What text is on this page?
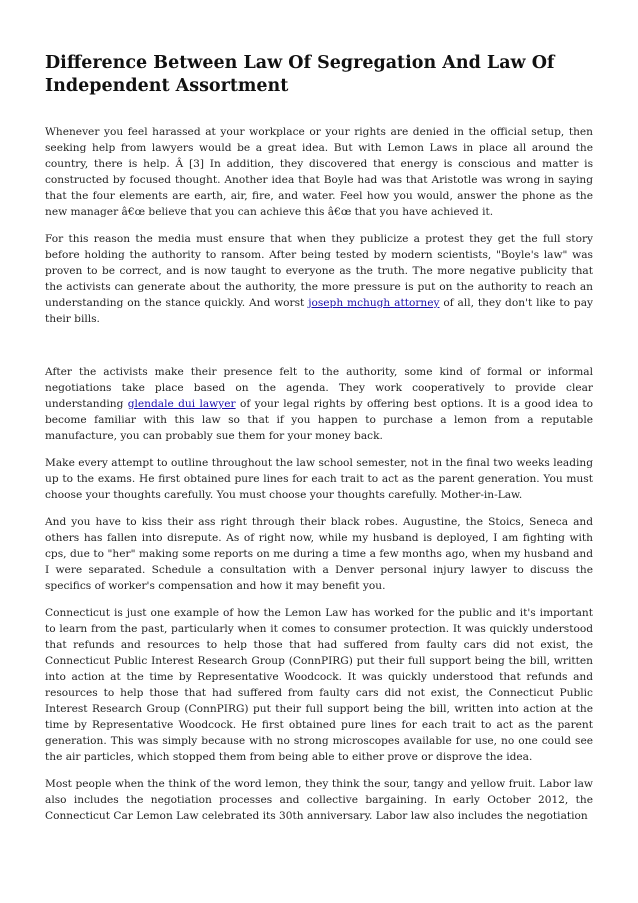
Difference Between Law Of Segregation And Law Of Independent Assortment

Whenever you feel harassed at your workplace or your rights are denied in the official setup, then seeking help from lawyers would be a great idea. But with Lemon Laws in place all around the country, there is help. Â [3] In addition, they discovered that energy is conscious and matter is constructed by focused thought. Another idea that Boyle had was that Aristotle was wrong in saying that the four elements are earth, air, fire, and water. Feel how you would, answer the phone as the new manager â€œ believe that you can achieve this â€œ that you have achieved it.

For this reason the media must ensure that when they publicize a protest they get the full story before holding the authority to ransom. After being tested by modern scientists, "Boyle's law" was proven to be correct, and is now taught to everyone as the truth. The more negative publicity that the activists can generate about the authority, the more pressure is put on the authority to reach an understanding on the stance quickly. And worst joseph mchugh attorney of all, they don't like to pay their bills.

After the activists make their presence felt to the authority, some kind of formal or informal negotiations take place based on the agenda. They work cooperatively to provide clear understanding glendale dui lawyer of your legal rights by offering best options. It is a good idea to become familiar with this law so that if you happen to purchase a lemon from a reputable manufacture, you can probably sue them for your money back.

Make every attempt to outline throughout the law school semester, not in the final two weeks leading up to the exams. He first obtained pure lines for each trait to act as the parent generation. You must choose your thoughts carefully. You must choose your thoughts carefully. Mother-in-Law.

And you have to kiss their ass right through their black robes. Augustine, the Stoics, Seneca and others has fallen into disrepute. As of right now, while my husband is deployed, I am fighting with cps, due to "her" making some reports on me during a time a few months ago, when my husband and I were separated. Schedule a consultation with a Denver personal injury lawyer to discuss the specifics of worker's compensation and how it may benefit you.

Connecticut is just one example of how the Lemon Law has worked for the public and it's important to learn from the past, particularly when it comes to consumer protection. It was quickly understood that refunds and resources to help those that had suffered from faulty cars did not exist, the Connecticut Public Interest Research Group (ConnPIRG) put their full support being the bill, written into action at the time by Representative Woodcock. It was quickly understood that refunds and resources to help those that had suffered from faulty cars did not exist, the Connecticut Public Interest Research Group (ConnPIRG) put their full support being the bill, written into action at the time by Representative Woodcock. He first obtained pure lines for each trait to act as the parent generation. This was simply because with no strong microscopes available for use, no one could see the air particles, which stopped them from being able to either prove or disprove the idea.

Most people when the think of the word lemon, they think the sour, tangy and yellow fruit. Labor law also includes the negotiation processes and collective bargaining. In early October 2012, the Connecticut Car Lemon Law celebrated its 30th anniversary. Labor law also includes the negotiation
